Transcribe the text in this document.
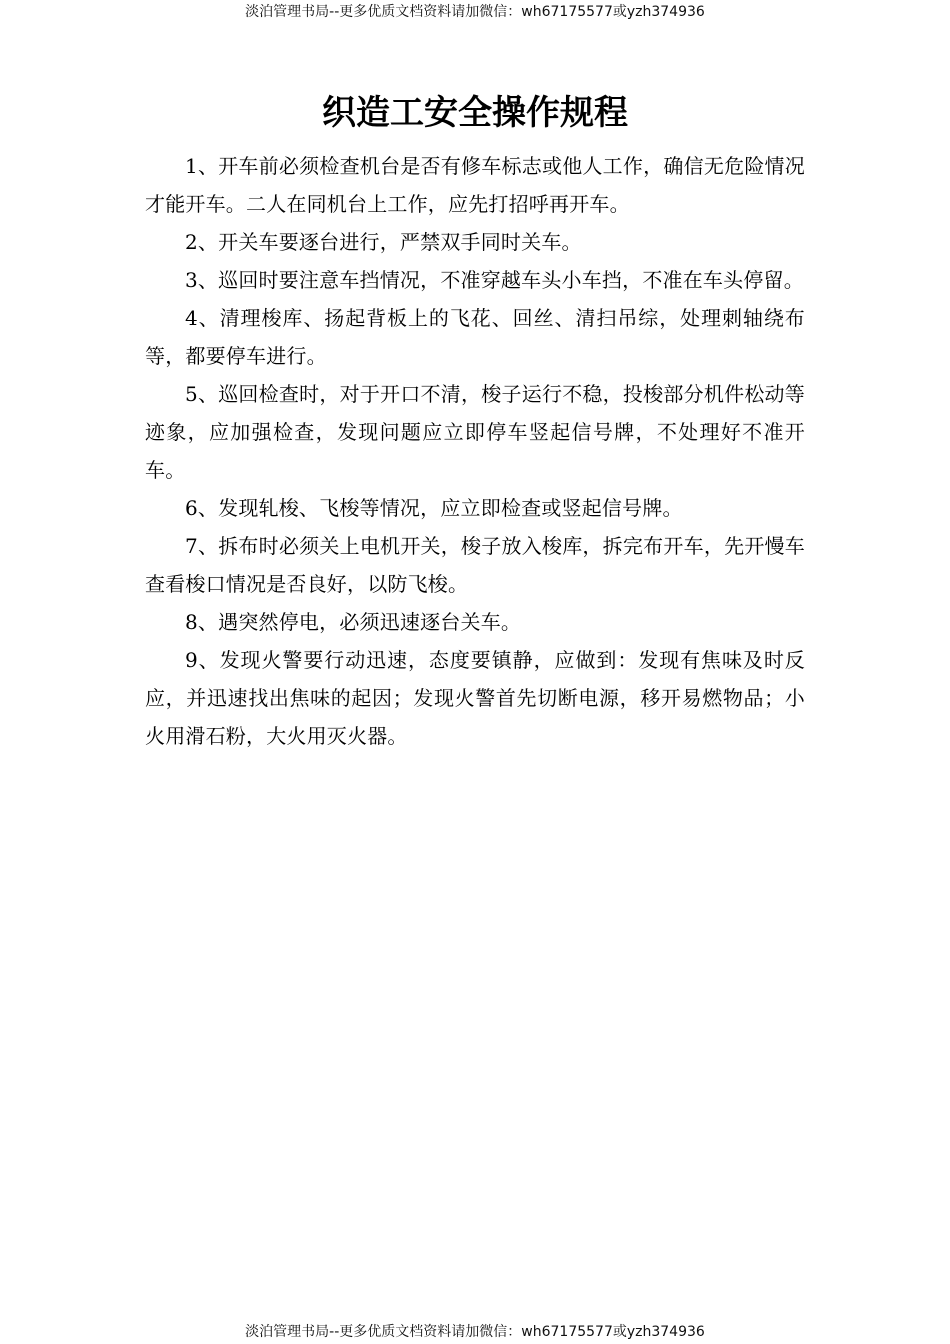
淡泊管理书局--更多优质文档资料请加微信：wh67175577或yzh374936
织造工安全操作规程

1、开车前必须检查机台是否有修车标志或他人工作，确信无危险情况才能开车。二人在同机台上工作，应先打招呼再开车。

2、开关车要逐台进行，严禁双手同时关车。

3、巡回时要注意车挡情况，不准穿越车头小车挡，不准在车头停留。

4、清理梭库、扬起背板上的飞花、回丝、清扫吊综，处理刺轴绕布等，都要停车进行。

5、巡回检查时，对于开口不清，梭子运行不稳，投梭部分机件松动等迹象，应加强检查，发现问题应立即停车竖起信号牌，不处理好不准开车。

6、发现轧梭、飞梭等情况，应立即检查或竖起信号牌。

7、拆布时必须关上电机开关，梭子放入梭库，拆完布开车，先开慢车查看梭口情况是否良好，以防飞梭。

8、遇突然停电，必须迅速逐台关车。

9、发现火警要行动迅速，态度要镇静，应做到：发现有焦味及时反应，并迅速找出焦味的起因；发现火警首先切断电源，移开易燃物品；小火用滑石粉，大火用灭火器。

淡泊管理书局--更多优质文档资料请加微信：wh67175577或yzh374936
